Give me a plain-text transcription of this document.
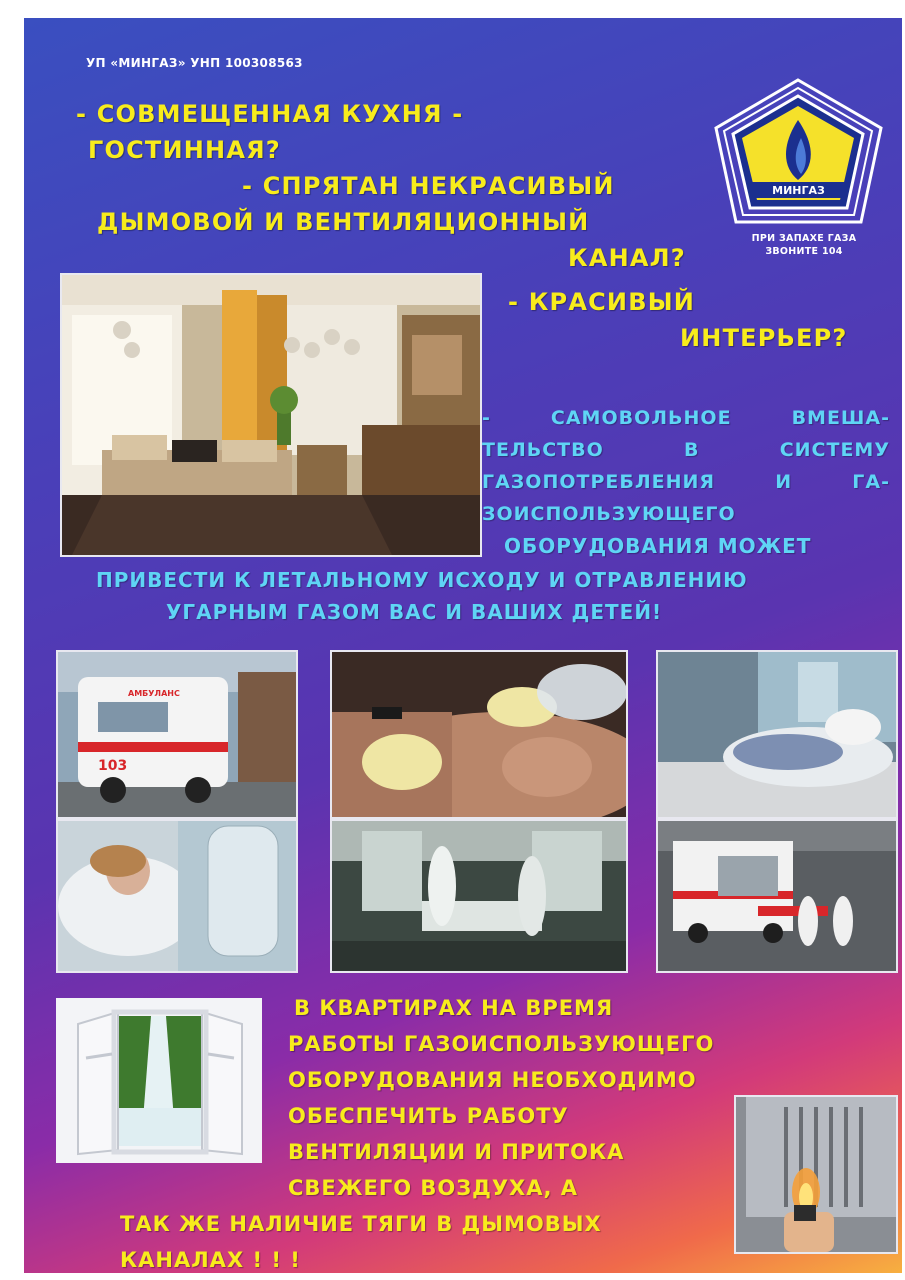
УП «МИНГАЗ» УНП 100308563
- СОВМЕЩЕННАЯ КУХНЯ -
ГОСТИННАЯ?
- СПРЯТАН НЕКРАСИВЫЙ
ДЫМОВОЙ И ВЕНТИЛЯЦИОННЫЙ
КАНАЛ?
МИНГАЗ
ПРИ ЗАПАХЕ ГАЗА
ЗВОНИТЕ 104
- КРАСИВЫЙ
ИНТЕРЬЕР?
- САМОВОЛЬНОЕ ВМЕША-
ТЕЛЬСТВО В СИСТЕМУ
ГАЗОПОТРЕБЛЕНИЯ И ГА-
ЗОИСПОЛЬЗУЮЩЕГО
ОБОРУДОВАНИЯ МОЖЕТ
ПРИВЕСТИ К ЛЕТАЛЬНОМУ ИСХОДУ И ОТРАВЛЕНИЮ
УГАРНЫМ ГАЗОМ ВАС И ВАШИХ ДЕТЕЙ!
103
АМБУЛАНС
В КВАРТИРАХ НА ВРЕМЯ
РАБОТЫ ГАЗОИСПОЛЬЗУЮЩЕГО
ОБОРУДОВАНИЯ НЕОБХОДИМО
ОБЕСПЕЧИТЬ РАБОТУ
ВЕНТИЛЯЦИИ И ПРИТОКА
СВЕЖЕГО ВОЗДУХА, А
ТАК ЖЕ НАЛИЧИЕ ТЯГИ В ДЫМОВЫХ
КАНАЛАХ ! ! !
